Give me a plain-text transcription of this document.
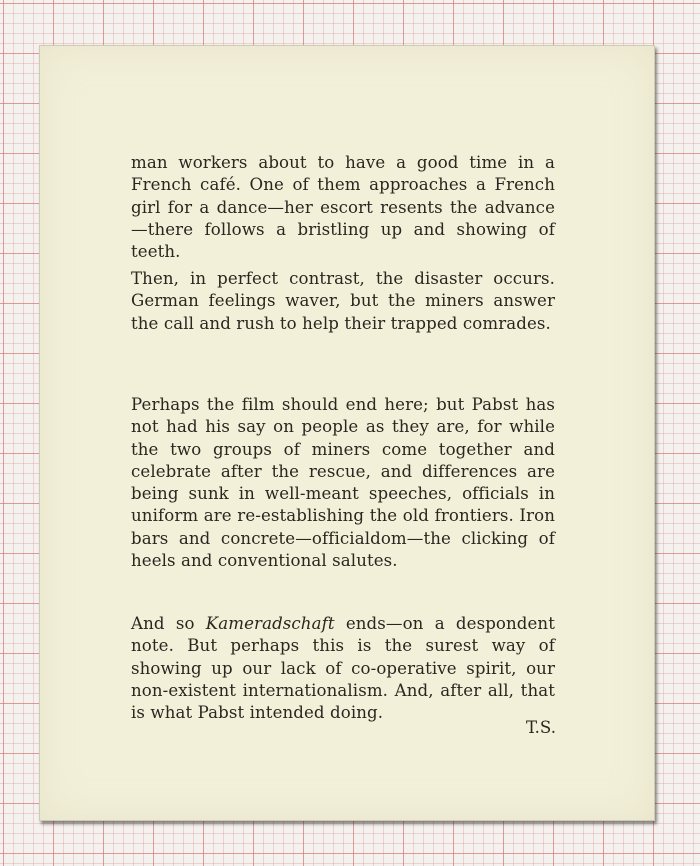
man workers about to have a good time in a French café. One of them approaches a French girl for a dance—her escort resents the advance—there follows a bristling up and showing of teeth.

Then, in perfect contrast, the disaster occurs. German feelings waver, but the miners answer the call and rush to help their trapped comrades.

Perhaps the film should end here; but Pabst has not had his say on people as they are, for while the two groups of miners come together and celebrate after the rescue, and differences are being sunk in well-meant speeches, officials in uniform are re-establishing the old frontiers. Iron bars and concrete—officialdom—the clicking of heels and conventional salutes.

And so Kameradschaft ends—on a despondent note. But perhaps this is the surest way of showing up our lack of co-operative spirit, our non-existent internationalism. And, after all, that is what Pabst intended doing.

T.S.
